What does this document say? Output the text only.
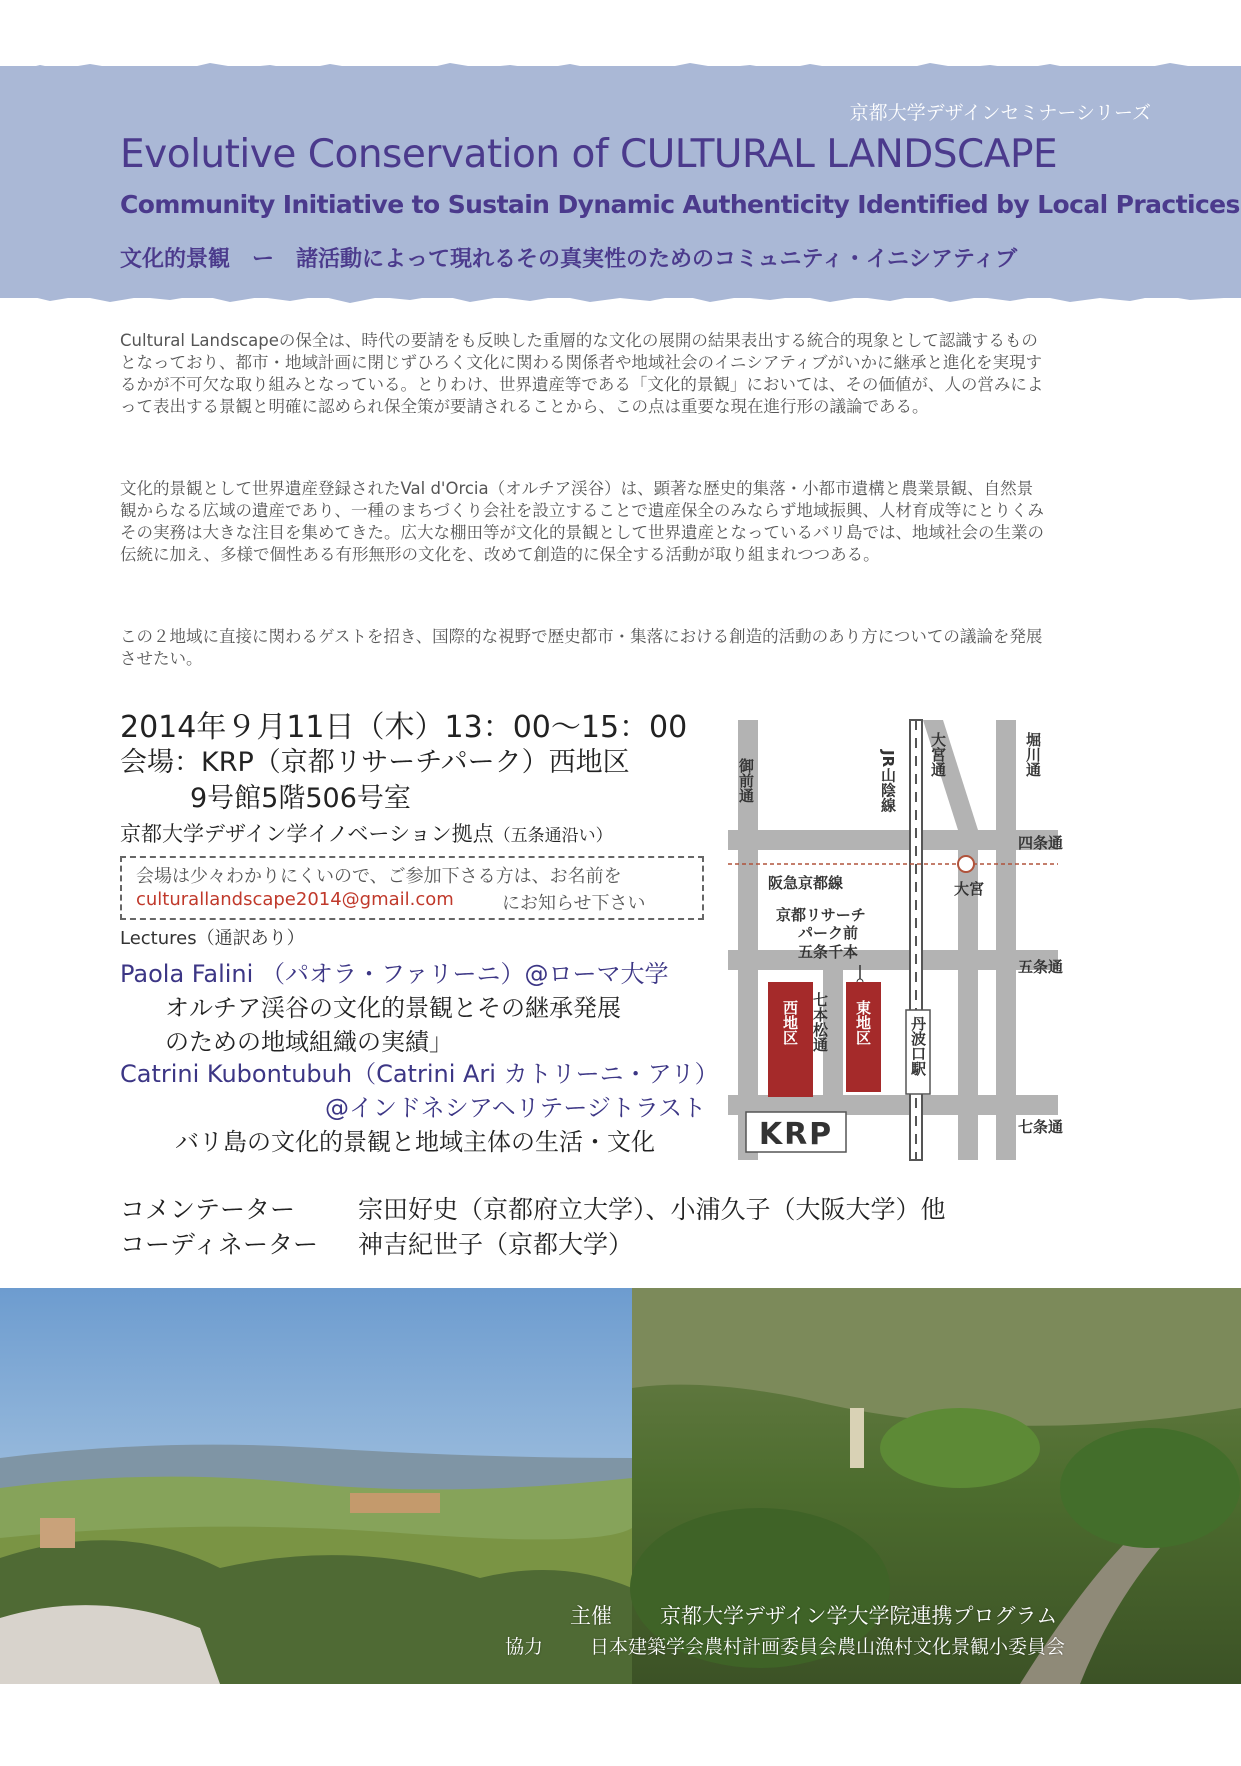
京都大学デザインセミナーシリーズ
Evolutive Conservation of CULTURAL LANDSCAPE
Community Initiative to Sustain Dynamic Authenticity Identified by Local Practices
文化的景観　ー　諸活動によって現れるその真実性のためのコミュニティ・イニシアティブ
Cultural Landscapeの保全は、時代の要請をも反映した重層的な文化の展開の結果表出する統合的現象として認識するものとなっており、都市・地域計画に閉じずひろく文化に関わる関係者や地域社会のイニシアティブがいかに継承と進化を実現するかが不可欠な取り組みとなっている。とりわけ、世界遺産等である「文化的景観」においては、その価値が、人の営みによって表出する景観と明確に認められ保全策が要請されることから、この点は重要な現在進行形の議論である。
文化的景観として世界遺産登録されたVal d'Orcia（オルチア渓谷）は、顕著な歴史的集落・小都市遺構と農業景観、自然景観からなる広域の遺産であり、一種のまちづくり会社を設立することで遺産保全のみならず地域振興、人材育成等にとりくみその実務は大きな注目を集めてきた。広大な棚田等が文化的景観として世界遺産となっているバリ島では、地域社会の生業の伝統に加え、多様で個性ある有形無形の文化を、改めて創造的に保全する活動が取り組まれつつある。
この２地域に直接に関わるゲストを招き、国際的な視野で歴史都市・集落における創造的活動のあり方についての議論を発展させたい。
2014年９月11日（木）13：00～15：00
会場：KRP（京都リサーチパーク）西地区
9号館5階506号室
京都大学デザイン学イノベーション拠点（五条通沿い）
会場は少々わかりにくいので、ご参加下さる方は、お名前を
culturallandscape2014@gmail.com	にお知らせ下さい
Lectures（通訳あり）
Paola Falini （パオラ・ファリーニ）@ローマ大学
オルチア渓谷の文化的景観とその継承発展
のための地域組織の実績」
Catrini Kubontubuh（Catrini Ari カトリーニ・アリ）
@インドネシアヘリテージトラスト
バリ島の文化的景観と地域主体の生活・文化
コメンテーター	宗田好史（京都府立大学）、小浦久子（大阪大学）他
コーディネーター 神吉紀世子（京都大学）
御前通	JR山陰線 大宮通	堀川通
四条通
阪急京都線	大宮
京都リサーチ
パーク前
五条千本
五条通
七本松通	丹波口駅
七条通
西地区	東地区
KRP
主催 京都大学デザイン学大学院連携プログラム
協力 日本建築学会農村計画委員会農山漁村文化景観小委員会
